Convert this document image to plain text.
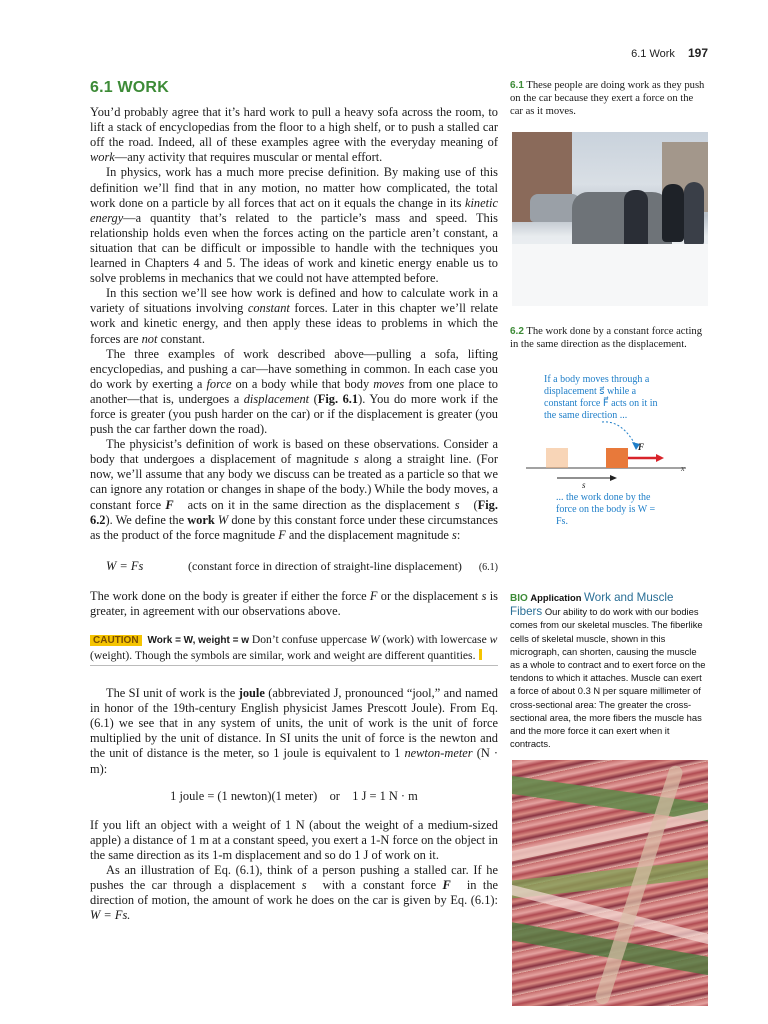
6.1 Work 197
6.1 WORK

You’d probably agree that it’s hard work to pull a heavy sofa across the room, to lift a stack of encyclopedias from the floor to a high shelf, or to push a stalled car off the road. Indeed, all of these examples agree with the everyday meaning of work—any activity that requires muscular or mental effort.

In physics, work has a much more precise definition. By making use of this definition we’ll find that in any motion, no matter how complicated, the total work done on a particle by all forces that act on it equals the change in its kinetic energy—a quantity that’s related to the particle’s mass and speed. This relationship holds even when the forces acting on the particle aren’t constant, a situation that can be difficult or impossible to handle with the techniques you learned in Chapters 4 and 5. The ideas of work and kinetic energy enable us to solve problems in mechanics that we could not have attempted before.

In this section we’ll see how work is defined and how to calculate work in a variety of situations involving constant forces. Later in this chapter we’ll relate work and kinetic energy, and then apply these ideas to problems in which the forces are not constant.

The three examples of work described above—pulling a sofa, lifting encyclopedias, and pushing a car—have something in common. In each case you do work by exerting a force on a body while that body moves from one place to another—that is, undergoes a displacement (Fig. 6.1). You do more work if the force is greater (you push harder on the car) or if the displacement is greater (you push the car farther down the road).

The physicist’s definition of work is based on these observations. Consider a body that undergoes a displacement of magnitude s along a straight line. (For now, we’ll assume that any body we discuss can be treated as a particle so that we can ignore any rotation or changes in shape of the body.) While the body moves, a constant force F⃗ acts on it in the same direction as the displacement s⃗ (Fig. 6.2). We define the work W done by this constant force under these circumstances as the product of the force magnitude F and the displacement magnitude s:

W = Fs	(constant force in direction of straight-line displacement)	(6.1)

The work done on the body is greater if either the force F or the displacement s is greater, in agreement with our observations above.

CAUTION Work = W, weight = w Don’t confuse uppercase W (work) with lowercase w (weight). Though the symbols are similar, work and weight are different quantities.

The SI unit of work is the joule (abbreviated J, pronounced “jool,” and named in honor of the 19th-century English physicist James Prescott Joule). From Eq. (6.1) we see that in any system of units, the unit of work is the unit of force multiplied by the unit of distance. In SI units the unit of force is the newton and the unit of distance is the meter, so 1 joule is equivalent to 1 newton-meter (N · m):

1 joule = (1 newton)(1 meter)    or    1 J = 1 N · m

If you lift an object with a weight of 1 N (about the weight of a medium-sized apple) a distance of 1 m at a constant speed, you exert a 1-N force on the object in the same direction as its 1-m displacement and so do 1 J of work on it.

As an illustration of Eq. (6.1), think of a person pushing a stalled car. If he pushes the car through a displacement s⃗ with a constant force F⃗ in the direction of motion, the amount of work he does on the car is given by Eq. (6.1): W = Fs.

6.1 These people are doing work as they push on the car because they exert a force on the car as it moves.
6.2 The work done by a constant force acting in the same direction as the displacement.
If a body moves through a displacement s⃗ while a constant force F⃗ acts on it in the same direction ...
x
F⃗
s⃗
... the work done by the force on the body is W = Fs.
BIO Application Work and Muscle Fibers Our ability to do work with our bodies comes from our skeletal muscles. The fiberlike cells of skeletal muscle, shown in this micrograph, can shorten, causing the muscle as a whole to contract and to exert force on the tendons to which it attaches. Muscle can exert a force of about 0.3 N per square millimeter of cross-sectional area: The greater the cross-sectional area, the more fibers the muscle has and the more force it can exert when it contracts.
